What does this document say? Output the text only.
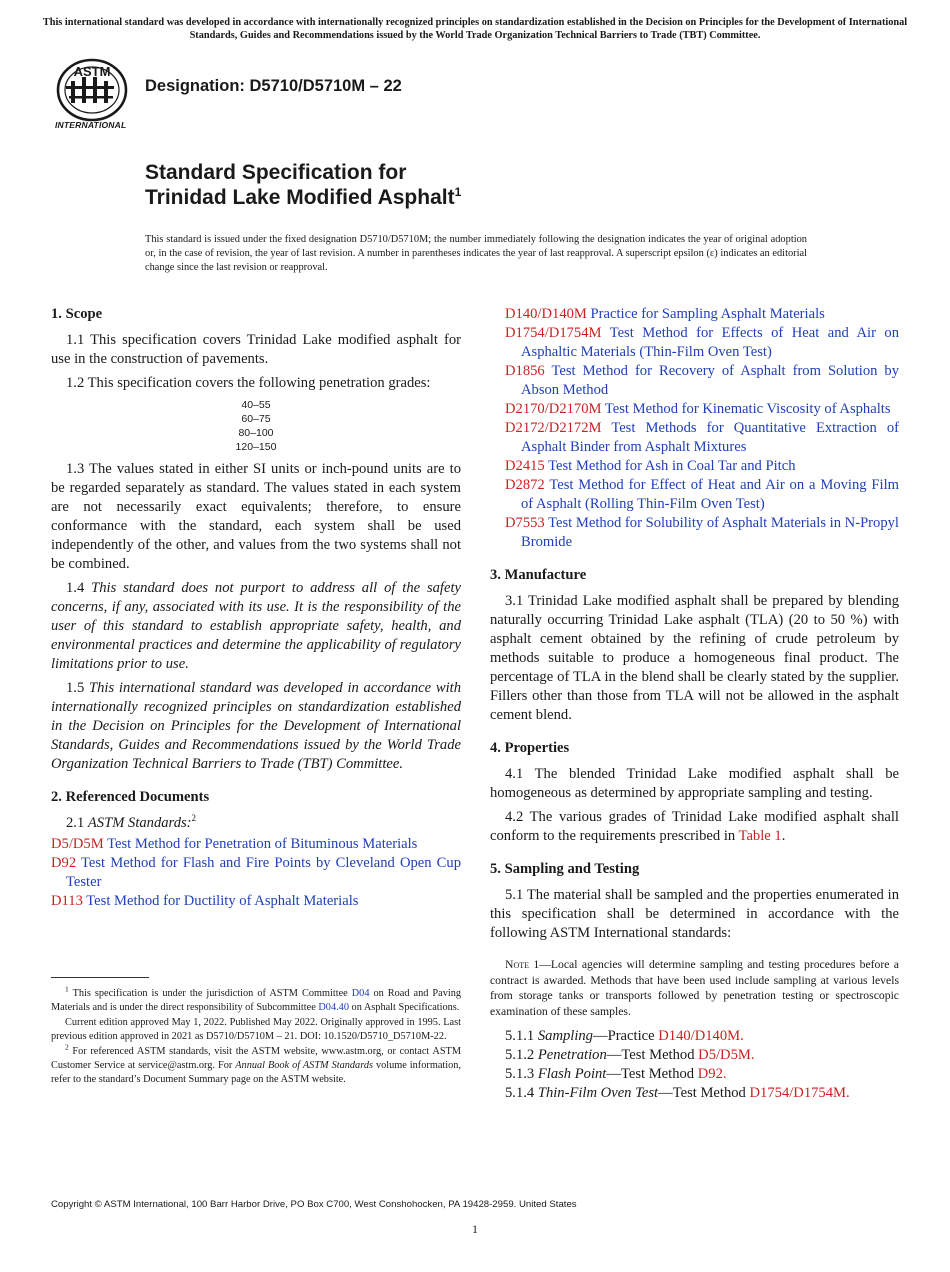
This international standard was developed in accordance with internationally recognized principles on standardization established in the Decision on Principles for the Development of International Standards, Guides and Recommendations issued by the World Trade Organization Technical Barriers to Trade (TBT) Committee.
ASTM
INTERNATIONAL
Designation: D5710/D5710M – 22
Standard Specification for
Trinidad Lake Modified Asphalt$^1$
This standard is issued under the fixed designation D5710/D5710M; the number immediately following the designation indicates the year of original adoption or, in the case of revision, the year of last revision. A number in parentheses indicates the year of last reapproval. A superscript epsilon (ε) indicates an editorial change since the last revision or reapproval.
1. Scope

1.1 This specification covers Trinidad Lake modified asphalt for use in the construction of pavements.

1.2 This specification covers the following penetration grades:

40–55
60–75
80–100
120–150

1.3 The values stated in either SI units or inch-pound units are to be regarded separately as standard. The values stated in each system are not necessarily exact equivalents; therefore, to ensure conformance with the standard, each system shall be used independently of the other, and values from the two systems shall not be combined.

1.4 This standard does not purport to address all of the safety concerns, if any, associated with its use. It is the responsibility of the user of this standard to establish appropriate safety, health, and environmental practices and determine the applicability of regulatory limitations prior to use.

1.5 This international standard was developed in accordance with internationally recognized principles on standardization established in the Decision on Principles for the Development of International Standards, Guides and Recommendations issued by the World Trade Organization Technical Barriers to Trade (TBT) Committee.

2. Referenced Documents

2.1 ASTM Standards:$^2$

D5/D5M Test Method for Penetration of Bituminous Materials

D92 Test Method for Flash and Fire Points by Cleveland Open Cup Tester

D113 Test Method for Ductility of Asphalt Materials

D140/D140M Practice for Sampling Asphalt Materials

D1754/D1754M Test Method for Effects of Heat and Air on Asphaltic Materials (Thin-Film Oven Test)

D1856 Test Method for Recovery of Asphalt from Solution by Abson Method

D2170/D2170M Test Method for Kinematic Viscosity of Asphalts

D2172/D2172M Test Methods for Quantitative Extraction of Asphalt Binder from Asphalt Mixtures

D2415 Test Method for Ash in Coal Tar and Pitch

D2872 Test Method for Effect of Heat and Air on a Moving Film of Asphalt (Rolling Thin-Film Oven Test)

D7553 Test Method for Solubility of Asphalt Materials in N-Propyl Bromide

3. Manufacture

3.1 Trinidad Lake modified asphalt shall be prepared by blending naturally occurring Trinidad Lake asphalt (TLA) (20 to 50 %) with asphalt cement obtained by the refining of crude petroleum by methods suitable to produce a homogeneous final product. The percentage of TLA in the blend shall be clearly stated by the supplier. Fillers other than those from TLA will not be allowed in the asphalt cement blend.

4. Properties

4.1 The blended Trinidad Lake modified asphalt shall be homogeneous as determined by appropriate sampling and testing.

4.2 The various grades of Trinidad Lake modified asphalt shall conform to the requirements prescribed in Table 1.

5. Sampling and Testing

5.1 The material shall be sampled and the properties enumerated in this specification shall be determined in accordance with the following ASTM International standards:

Note 1—Local agencies will determine sampling and testing procedures before a contract is awarded. Methods that have been used include sampling at various levels from storage tanks or transports followed by penetration testing or spectroscopic examination of these samples.

5.1.1 Sampling—Practice D140/D140M.

5.1.2 Penetration—Test Method D5/D5M.

5.1.3 Flash Point—Test Method D92.

5.1.4 Thin-Film Oven Test—Test Method D1754/D1754M.

$^1$ This specification is under the jurisdiction of ASTM Committee D04 on Road and Paving Materials and is under the direct responsibility of Subcommittee D04.40 on Asphalt Specifications.

Current edition approved May 1, 2022. Published May 2022. Originally approved in 1995. Last previous edition approved in 2021 as D5710/D5710M – 21. DOI: 10.1520/D5710_D5710M-22.

$^2$ For referenced ASTM standards, visit the ASTM website, www.astm.org, or contact ASTM Customer Service at service@astm.org. For Annual Book of ASTM Standards volume information, refer to the standard’s Document Summary page on the ASTM website.

Copyright © ASTM International, 100 Barr Harbor Drive, PO Box C700, West Conshohocken, PA 19428-2959. United States
1
